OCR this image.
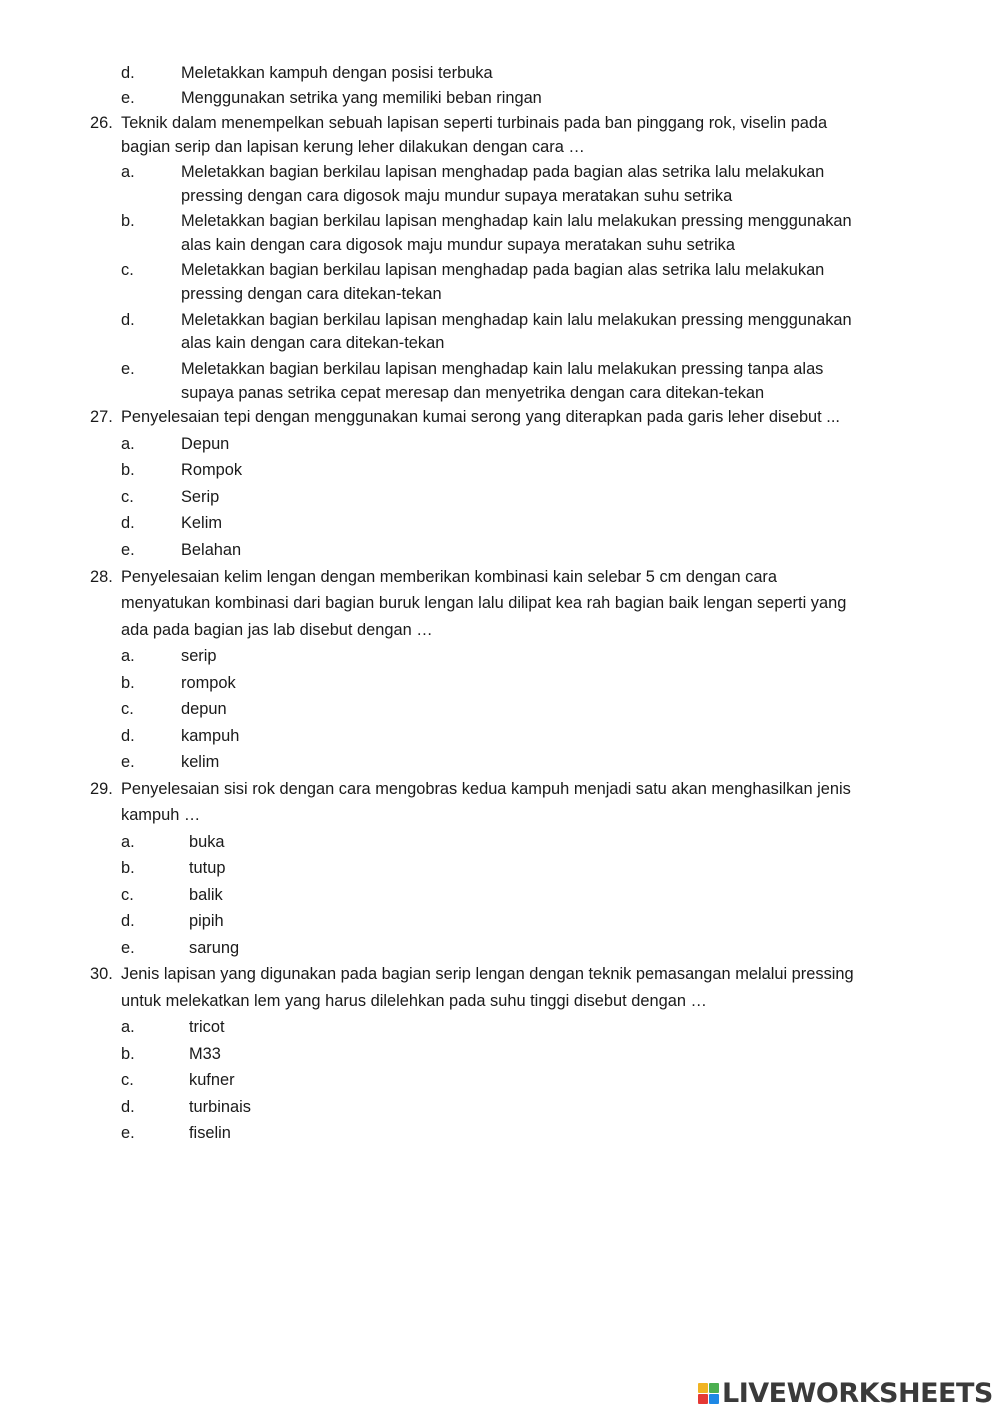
d.	Meletakkan kampuh dengan posisi terbuka
e.	Menggunakan setrika yang memiliki beban ringan
26. Teknik dalam menempelkan sebuah lapisan seperti turbinais pada ban pinggang rok, viselin pada
bagian serip dan lapisan kerung leher dilakukan dengan cara …
a.	Meletakkan bagian berkilau lapisan menghadap pada bagian alas setrika lalu melakukan
pressing dengan cara digosok maju mundur supaya meratakan suhu setrika
b.	Meletakkan bagian berkilau lapisan menghadap kain lalu melakukan pressing menggunakan
alas kain dengan cara digosok maju mundur supaya meratakan suhu setrika
c.	Meletakkan bagian berkilau lapisan menghadap pada bagian alas setrika lalu melakukan
pressing dengan cara ditekan-tekan
d.	Meletakkan bagian berkilau lapisan menghadap kain lalu melakukan pressing menggunakan
alas kain dengan cara ditekan-tekan
e.	Meletakkan bagian berkilau lapisan menghadap kain lalu melakukan pressing tanpa alas
supaya panas setrika cepat meresap dan menyetrika dengan cara ditekan-tekan
27. Penyelesaian tepi dengan menggunakan kumai serong yang diterapkan pada garis leher disebut ...
a.	Depun
b.	Rompok
c.	Serip
d.	Kelim
e.	Belahan
28. Penyelesaian kelim lengan dengan memberikan kombinasi kain selebar 5 cm dengan cara
menyatukan kombinasi dari bagian buruk lengan lalu dilipat kea rah bagian baik lengan seperti yang
ada pada bagian jas lab disebut dengan …
a.	serip
b.	rompok
c.	depun
d.	kampuh
e.	kelim
29. Penyelesaian sisi rok dengan cara mengobras kedua kampuh menjadi satu akan menghasilkan jenis
kampuh …
a.	buka
b.	tutup
c.	balik
d.	pipih
e.	sarung
30. Jenis lapisan yang digunakan pada bagian serip lengan dengan teknik pemasangan melalui pressing
untuk melekatkan lem yang harus dilelehkan pada suhu tinggi disebut dengan …
a.	tricot
b.	M33
c.	kufner
d.	turbinais
e.	fiselin
LIVEWORKSHEETS
